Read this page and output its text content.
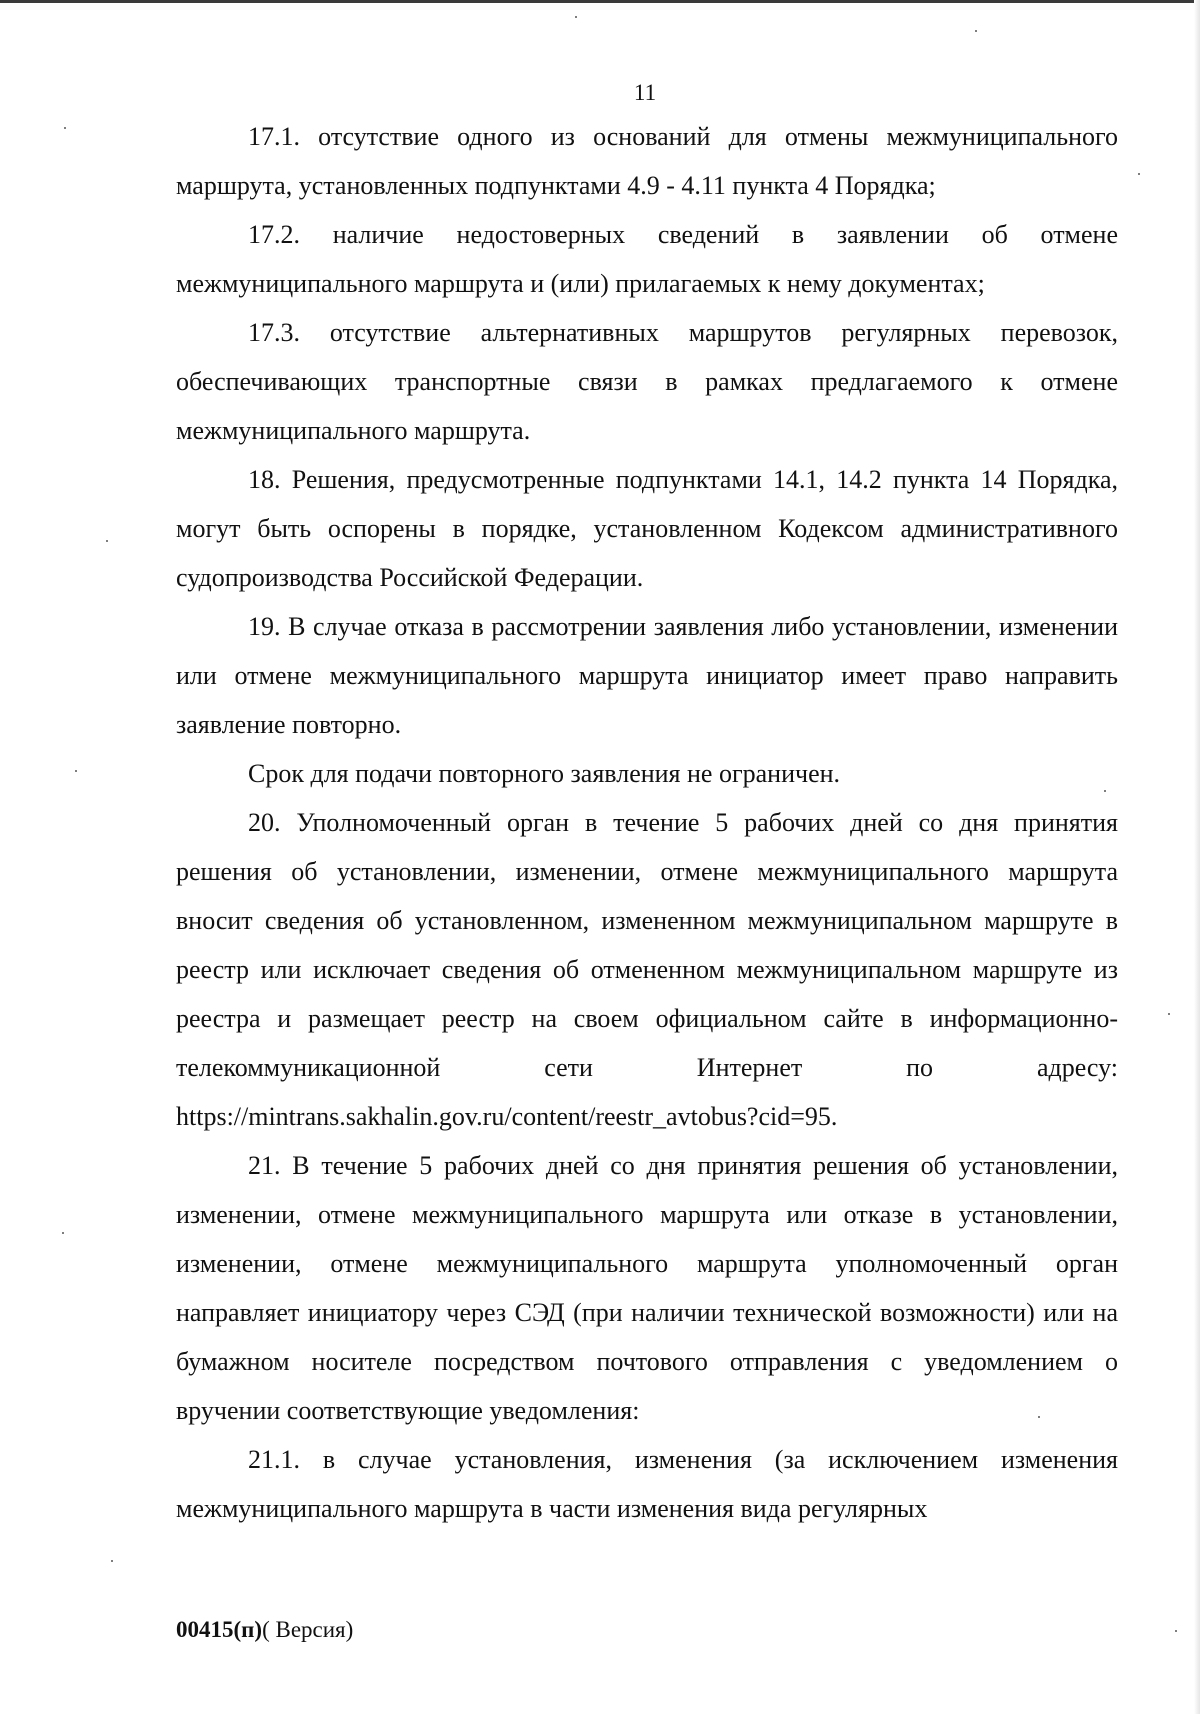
11

17.1. отсутствие одного из оснований для отмены межмуниципального маршрута, установленных подпунктами 4.9 - 4.11 пункта 4 Порядка;

17.2. наличие недостоверных сведений в заявлении об отмене межмуниципального маршрута и (или) прилагаемых к нему документах;

17.3. отсутствие альтернативных маршрутов регулярных перевозок, обеспечивающих транспортные связи в рамках предлагаемого к отмене межмуниципального маршрута.

18. Решения, предусмотренные подпунктами 14.1, 14.2 пункта 14 Порядка, могут быть оспорены в порядке, установленном Кодексом административного судопроизводства Российской Федерации.

19. В случае отказа в рассмотрении заявления либо установлении, изменении или отмене межмуниципального маршрута инициатор имеет право направить заявление повторно.

Срок для подачи повторного заявления не ограничен.

20. Уполномоченный орган в течение 5 рабочих дней со дня принятия решения об установлении, изменении, отмене межмуниципального маршрута вносит сведения об установленном, измененном межмуниципальном маршруте в реестр или исключает сведения об отмененном межмуниципальном маршруте из реестра и размещает реестр на своем официальном сайте в информационно-телекоммуникационной сети Интернет по адресу: https://mintrans.sakhalin.gov.ru/content/reestr_avtobus?cid=95.

21. В течение 5 рабочих дней со дня принятия решения об установлении, изменении, отмене межмуниципального маршрута или отказе в установлении, изменении, отмене межмуниципального маршрута уполномоченный орган направляет инициатору через СЭД (при наличии технической возможности) или на бумажном носителе посредством почтового отправления с уведомлением о вручении соответствующие уведомления:

21.1. в случае установления, изменения (за исключением изменения межмуниципального маршрута в части изменения вида регулярных

00415(п)( Версия)
